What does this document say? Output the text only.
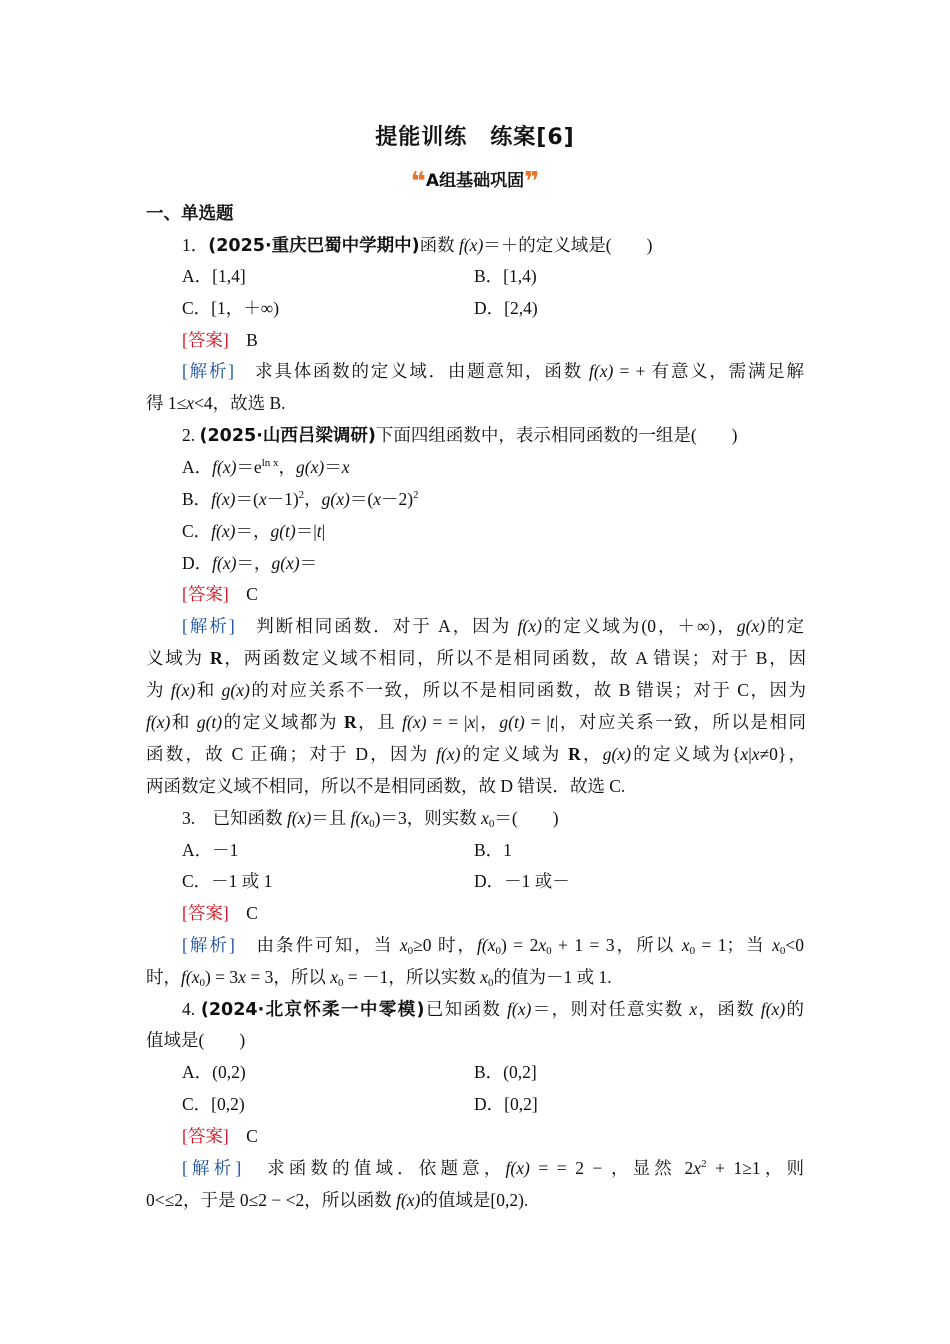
提能训练　练案[6]
❝A组基础巩固❞
一、单选题
1．(2025·重庆巴蜀中学期中)函数 f(x)＝＋的定义域是(　　)
A．[1,4]	B．[1,4)
C．[1，＋∞)	D．[2,4)
[答案]　 B
[解析]　 求具体函数的定义域．由题意知，函数 f(x) = + 有意义，需满足解
得 1≤x<4，故选 B.
2. (2025·山西吕梁调研)下面四组函数中，表示相同函数的一组是(　　)
A．$f(x)=e^{ln x}$，g(x)＝x
B．$f(x)=(x-1)^2$，$g(x)=(x-2)^2$
C．f(x)＝，g(t)＝|t|
D．f(x)＝，g(x)＝
[答案]　 C
[解析]　 判断相同函数．对于 A，因为 f(x)的定义域为(0，＋∞)，g(x)的定
义域为 R，两函数定义域不相同，所以不是相同函数，故 A 错误；对于 B，因
为 f(x)和 g(x)的对应关系不一致，所以不是相同函数，故 B 错误；对于 C，因为
f(x)和 g(t)的定义域都为 R，且 f(x) = = |x|，g(t) = |t|，对应关系一致，所以是相同
函数，故 C 正确；对于 D，因为 f(x)的定义域为 R，g(x)的定义域为{x|x≠0}，
两函数定义域不相同，所以不是相同函数，故 D 错误．故选 C.
3.　 已知函数 f(x)＝且 $f(x_0)=3$，则实数 $x_0=$(　　)
A．－1	B．1
C．－1 或 1	D．－1 或－
[答案]　 C
[解析]　 由条件可知，当 $x_0\ge 0$ 时，$f(x_0) = 2x_0 + 1 = 3$，所以 $x_0 = 1$；当 $x_0<0$
时，$f(x_0) = 3x = 3$，所以 $x_0 = -1$，所以实数 $x_0$的值为－1 或 1.
4. (2024·北京怀柔一中零模)已知函数 f(x)＝，则对任意实数 x，函数 f(x)的
值域是(　　)
A．(0,2)	B．(0,2]
C．[0,2)	D．[0,2]
[答案]　 C
[解析]　 求函数的值域．依题意，f(x) = = 2 − ，显然 $2x^2 + 1\ge 1$，则
0<≤2，于是 0≤2 − <2，所以函数 f(x)的值域是[0,2).
